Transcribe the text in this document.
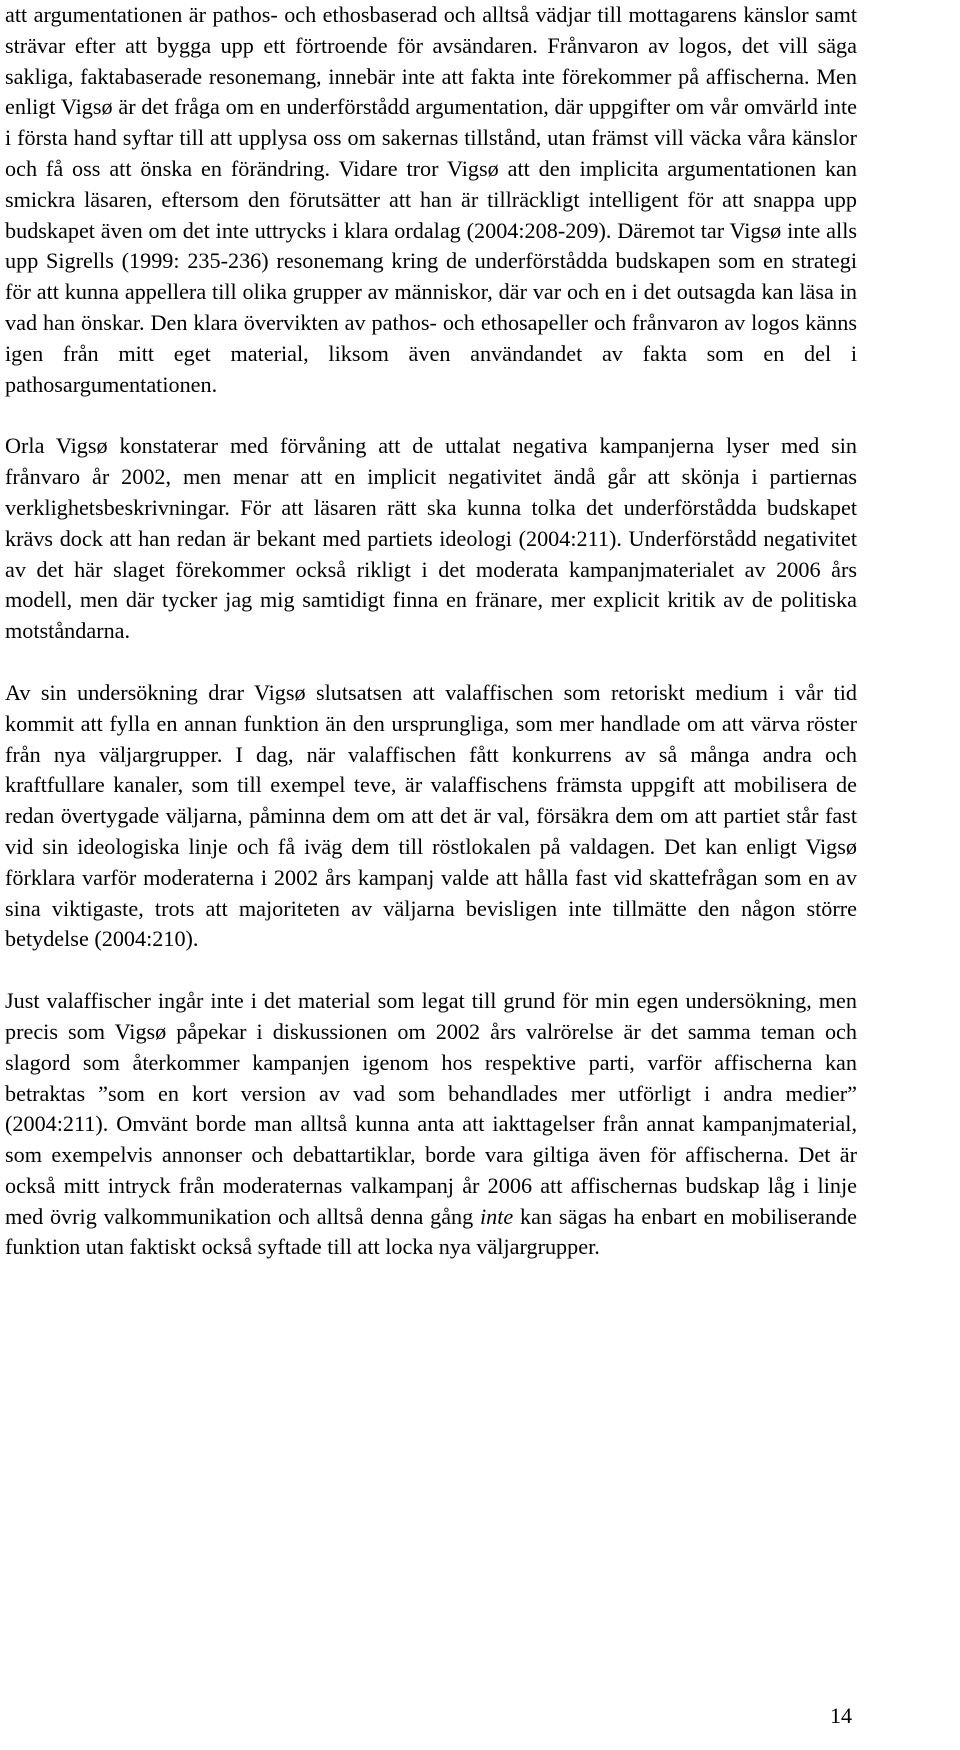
att argumentationen är pathos- och ethosbaserad och alltså vädjar till mottagarens känslor samt strävar efter att bygga upp ett förtroende för avsändaren. Frånvaron av logos, det vill säga sakliga, faktabaserade resonemang, innebär inte att fakta inte förekommer på affischerna. Men enligt Vigsø är det fråga om en underförstådd argumentation, där uppgifter om vår omvärld inte i första hand syftar till att upplysa oss om sakernas tillstånd, utan främst vill väcka våra känslor och få oss att önska en förändring. Vidare tror Vigsø att den implicita argumentationen kan smickra läsaren, eftersom den förutsätter att han är tillräckligt intelligent för att snappa upp budskapet även om det inte uttrycks i klara ordalag (2004:208-209). Däremot tar Vigsø inte alls upp Sigrells (1999: 235-236) resonemang kring de underförstådda budskapen som en strategi för att kunna appellera till olika grupper av människor, där var och en i det outsagda kan läsa in vad han önskar. Den klara övervikten av pathos- och ethosapeller och frånvaron av logos känns igen från mitt eget material, liksom även användandet av fakta som en del i pathosargumentationen.

Orla Vigsø konstaterar med förvåning att de uttalat negativa kampanjerna lyser med sin frånvaro år 2002, men menar att en implicit negativitet ändå går att skönja i partiernas verklighetsbeskrivningar. För att läsaren rätt ska kunna tolka det underförstådda budskapet krävs dock att han redan är bekant med partiets ideologi (2004:211). Underförstådd negativitet av det här slaget förekommer också rikligt i det moderata kampanjmaterialet av 2006 års modell, men där tycker jag mig samtidigt finna en fränare, mer explicit kritik av de politiska motståndarna.

Av sin undersökning drar Vigsø slutsatsen att valaffischen som retoriskt medium i vår tid kommit att fylla en annan funktion än den ursprungliga, som mer handlade om att värva röster från nya väljargrupper. I dag, när valaffischen fått konkurrens av så många andra och kraftfullare kanaler, som till exempel teve, är valaffischens främsta uppgift att mobilisera de redan övertygade väljarna, påminna dem om att det är val, försäkra dem om att partiet står fast vid sin ideologiska linje och få iväg dem till röstlokalen på valdagen. Det kan enligt Vigsø förklara varför moderaterna i 2002 års kampanj valde att hålla fast vid skattefrågan som en av sina viktigaste, trots att majoriteten av väljarna bevisligen inte tillmätte den någon större betydelse (2004:210).

Just valaffischer ingår inte i det material som legat till grund för min egen undersökning, men precis som Vigsø påpekar i diskussionen om 2002 års valrörelse är det samma teman och slagord som återkommer kampanjen igenom hos respektive parti, varför affischerna kan betraktas ”som en kort version av vad som behandlades mer utförligt i andra medier” (2004:211). Omvänt borde man alltså kunna anta att iakttagelser från annat kampanjmaterial, som exempelvis annonser och debattartiklar, borde vara giltiga även för affischerna. Det är också mitt intryck från moderaternas valkampanj år 2006 att affischernas budskap låg i linje med övrig valkommunikation och alltså denna gång inte kan sägas ha enbart en mobiliserande funktion utan faktiskt också syftade till att locka nya väljargrupper.

14
